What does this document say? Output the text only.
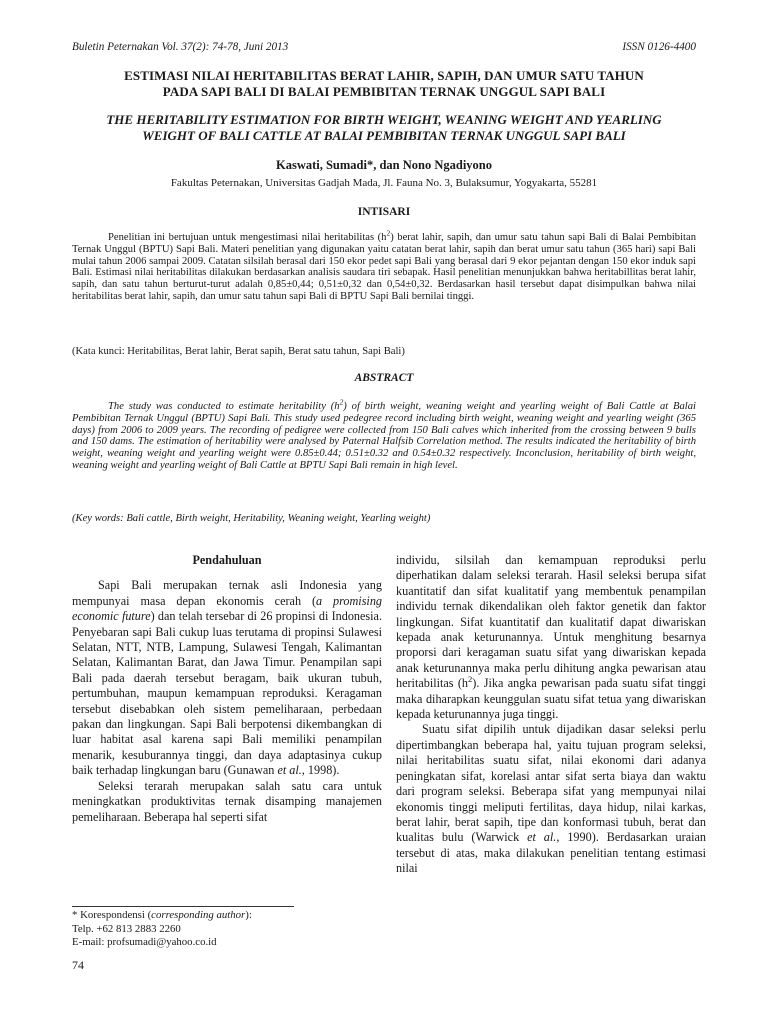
Buletin Peternakan Vol. 37(2): 74-78, Juni 2013	ISSN 0126-4400
ESTIMASI NILAI HERITABILITAS BERAT LAHIR, SAPIH, DAN UMUR SATU TAHUN
PADA SAPI BALI DI BALAI PEMBIBITAN TERNAK UNGGUL SAPI BALI
THE HERITABILITY ESTIMATION FOR BIRTH WEIGHT, WEANING WEIGHT AND YEARLING
WEIGHT OF BALI CATTLE AT BALAI PEMBIBITAN TERNAK UNGGUL SAPI BALI
Kaswati, Sumadi*, dan Nono Ngadiyono
Fakultas Peternakan, Universitas Gadjah Mada, Jl. Fauna No. 3, Bulaksumur, Yogyakarta, 55281
INTISARI
Penelitian ini bertujuan untuk mengestimasi nilai heritabilitas $(h^2)$ berat lahir, sapih, dan umur satu tahun sapi Bali di Balai Pembibitan Ternak Unggul (BPTU) Sapi Bali. Materi penelitian yang digunakan yaitu catatan berat lahir, sapih dan berat umur satu tahun (365 hari) sapi Bali mulai tahun 2006 sampai 2009. Catatan silsilah berasal dari 150 ekor pedet sapi Bali yang berasal dari 9 ekor pejantan dengan 150 ekor induk sapi Bali. Estimasi nilai heritabilitas dilakukan berdasarkan analisis saudara tiri sebapak. Hasil penelitian menunjukkan bahwa heritabillitas berat lahir, sapih, dan satu tahun berturut-turut adalah 0,85±0,44; 0,51±0,32 dan 0,54±0,32. Berdasarkan hasil tersebut dapat disimpulkan bahwa nilai heritabilitas berat lahir, sapih, dan umur satu tahun sapi Bali di BPTU Sapi Bali bernilai tinggi.
(Kata kunci: Heritabilitas, Berat lahir, Berat sapih, Berat satu tahun, Sapi Bali)
ABSTRACT
The study was conducted to estimate heritability $(h^2)$ of birth weight, weaning weight and yearling weight of Bali Cattle at Balai Pembibitan Ternak Unggul (BPTU) Sapi Bali. This study used pedegree record including birth weight, weaning weight and yearling weight (365 days) from 2006 to 2009 years. The recording of pedigree were collected from 150 Bali calves which inherited from the crossing between 9 bulls and 150 dams. The estimation of heritability were analysed by Paternal Halfsib Correlation method. The results indicated the heritability of birth weight, weaning weight and yearling weight were 0.85±0.44; 0.51±0.32 and 0.54±0.32 respectively. Inconclusion, heritability of birth weight, weaning weight and yearling weight of Bali Cattle at BPTU Sapi Bali remain in high level.
(Key words: Bali cattle, Birth weight, Heritability, Weaning weight, Yearling weight)
Pendahuluan

Sapi Bali merupakan ternak asli Indonesia yang mempunyai masa depan ekonomis cerah (a promising economic future) dan telah tersebar di 26 propinsi di Indonesia. Penyebaran sapi Bali cukup luas terutama di propinsi Sulawesi Selatan, NTT, NTB, Lampung, Sulawesi Tengah, Kalimantan Selatan, Kalimantan Barat, dan Jawa Timur. Penampilan sapi Bali pada daerah tersebut beragam, baik ukuran tubuh, pertumbuhan, maupun kemampuan reproduksi. Keragaman tersebut disebabkan oleh sistem pemeliharaan, perbedaan pakan dan lingkungan. Sapi Bali berpotensi dikembangkan di luar habitat asal karena sapi Bali memiliki penampilan menarik, kesuburannya tinggi, dan daya adaptasinya cukup baik terhadap lingkungan baru (Gunawan et al., 1998).

Seleksi terarah merupakan salah satu cara untuk meningkatkan produktivitas ternak disamping manajemen pemeliharaan. Beberapa hal seperti sifat

individu, silsilah dan kemampuan reproduksi perlu diperhatikan dalam seleksi terarah. Hasil seleksi berupa sifat kuantitatif dan sifat kualitatif yang membentuk penampilan individu ternak dikendalikan oleh faktor genetik dan faktor lingkungan. Sifat kuantitatif dan kualitatif dapat diwariskan kepada anak keturunannya. Untuk menghitung besarnya proporsi dari keragaman suatu sifat yang diwariskan kepada anak keturunannya maka perlu dihitung angka pewarisan atau heritabilitas $(h^2)$. Jika angka pewarisan pada suatu sifat tinggi maka diharapkan keunggulan suatu sifat tetua yang diwariskan kepada keturunannya juga tinggi.

Suatu sifat dipilih untuk dijadikan dasar seleksi perlu dipertimbangkan beberapa hal, yaitu tujuan program seleksi, nilai heritabilitas suatu sifat, nilai ekonomi dari adanya peningkatan sifat, korelasi antar sifat serta biaya dan waktu dari program seleksi. Beberapa sifat yang mempunyai nilai ekonomis tinggi meliputi fertilitas, daya hidup, nilai karkas, berat lahir, berat sapih, tipe dan konformasi tubuh, berat dan kualitas bulu (Warwick et al., 1990). Berdasarkan uraian tersebut di atas, maka dilakukan penelitian tentang estimasi nilai

* Korespondensi (corresponding author):
Telp. +62 813 2883 2260
E-mail: profsumadi@yahoo.co.id
74
